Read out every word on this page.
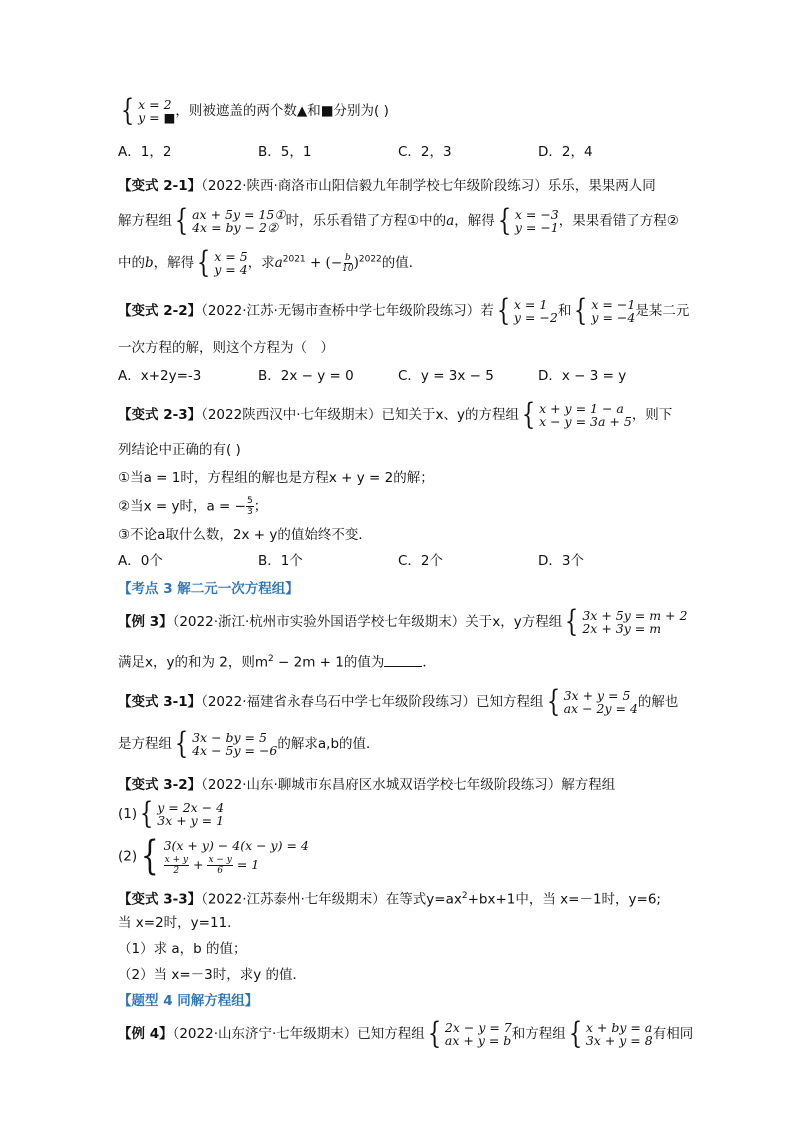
{ x = 2
y = ■ ，则被遮盖的两个数▲和■分别为( )
A．1，2	B．5，1	C．2，3	D．2，4
【变式 2-1】（2022·陕西·商洛市山阳信毅九年制学校七年级阶段练习）乐乐，果果两人同
解方程组 { ax + 5y = 15①
4x = by − 2② 时，乐乐看错了方程①中的a，解得 { x = −3
y = −1 ，果果看错了方程②
中的b，解得 { x = 5
y = 4 ，求$a^{2021}$ + (− $\frac{b}{10} )^{2022}$的值．
【变式 2-2】（2022·江苏·无锡市查桥中学七年级阶段练习）若 { x = 1
y = −2 和 { x = −1
y = −4 是某二元
一次方程的解，则这个方程为（　）
A．x+2y=-3	B．2x − y = 0	C．y = 3x − 5	D．x − 3 = y
【变式 2-3】（2022陕西汉中·七年级期末）已知关于x、y的方程组 { x + y = 1 − a
x − y = 3a + 5 ，则下
列结论中正确的有( )
①当a = 1时，方程组的解也是方程x + y = 2的解；
②当x = y时，a = − $\frac{5}{3}$ ；
③不论a取什么数，2x + y的值始终不变．
A．0个	B．1个	C．2个	D．3个
【考点 3 解二元一次方程组】
【例 3】（2022·浙江·杭州市实验外国语学校七年级期末）关于x，y方程组 { 3x + 5y = m + 2
2x + 3y = m
满足x，y的和为 2，则$m^2 - 2m + 1$的值为	．
【变式 3-1】（2022·福建省永春乌石中学七年级阶段练习）已知方程组 { 3x + y = 5
ax − 2y = 4 的解也
是方程组 { 3x − by = 5
4x − 5y = −6 的解求a,b的值．
【变式 3-2】（2022·山东·聊城市东昌府区水城双语学校七年级阶段练习）解方程组
(1) { y = 2x − 4
3x + y = 1
(2) { 3(x + y) − 4(x − y) = 4
$\frac{x + y}{2} + \frac{x - y}{6} = 1$
【变式 3-3】（2022·江苏泰州·七年级期末）在等式$y=ax^2+bx+1$中，当 x=－1时，y=6;
当 x=2时，y=11．
（1）求 a，b 的值；
（2）当 x=－3时，求y 的值．
【题型 4 同解方程组】
【例 4】（2022·山东济宁·七年级期末）已知方程组 { 2x − y = 7
ax + y = b 和方程组 { x + by = a
3x + y = 8 有相同
